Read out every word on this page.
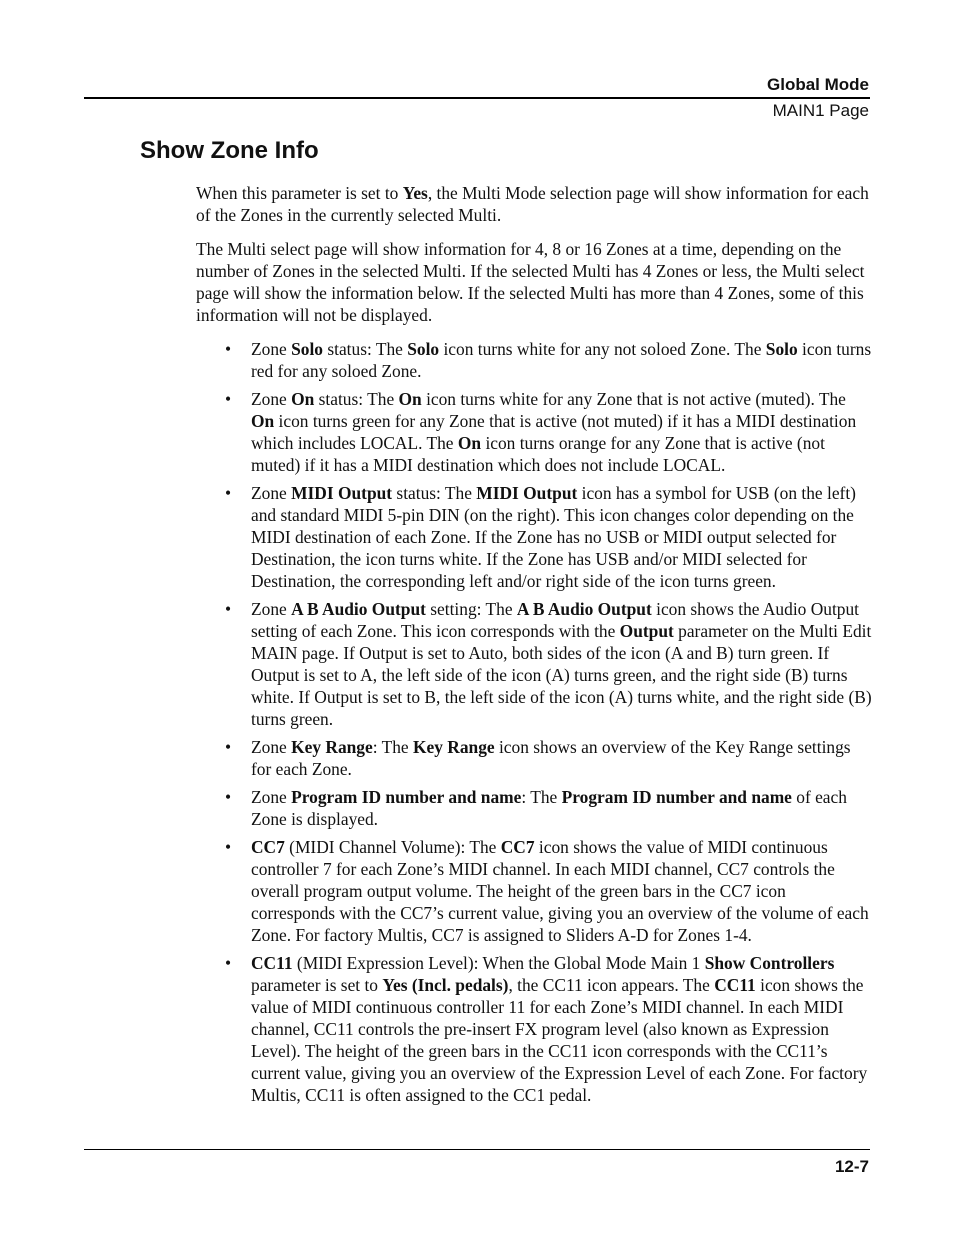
Global Mode
MAIN1 Page
Show Zone Info

When this parameter is set to Yes, the Multi Mode selection page will show information for each of the Zones in the currently selected Multi.

The Multi select page will show information for 4, 8 or 16 Zones at a time, depending on the number of Zones in the selected Multi. If the selected Multi has 4 Zones or less, the Multi select page will show the information below. If the selected Multi has more than 4 Zones, some of this information will not be displayed.

• Zone Solo status: The Solo icon turns white for any not soloed Zone. The Solo icon turns red for any soloed Zone.
• Zone On status: The On icon turns white for any Zone that is not active (muted). The On icon turns green for any Zone that is active (not muted) if it has a MIDI destination which includes LOCAL. The On icon turns orange for any Zone that is active (not muted) if it has a MIDI destination which does not include LOCAL.
• Zone MIDI Output status: The MIDI Output icon has a symbol for USB (on the left) and standard MIDI 5-pin DIN (on the right). This icon changes color depending on the MIDI destination of each Zone. If the Zone has no USB or MIDI output selected for Destination, the icon turns white. If the Zone has USB and/or MIDI selected for Destination, the corresponding left and/or right side of the icon turns green.
• Zone A B Audio Output setting: The A B Audio Output icon shows the Audio Output setting of each Zone. This icon corresponds with the Output parameter on the Multi Edit MAIN page. If Output is set to Auto, both sides of the icon (A and B) turn green. If Output is set to A, the left side of the icon (A) turns green, and the right side (B) turns white. If Output is set to B, the left side of the icon (A) turns white, and the right side (B) turns green.
• Zone Key Range: The Key Range icon shows an overview of the Key Range settings for each Zone.
• Zone Program ID number and name: The Program ID number and name of each Zone is displayed.
• CC7 (MIDI Channel Volume): The CC7 icon shows the value of MIDI continuous controller 7 for each Zone’s MIDI channel. In each MIDI channel, CC7 controls the overall program output volume. The height of the green bars in the CC7 icon corresponds with the CC7’s current value, giving you an overview of the volume of each Zone. For factory Multis, CC7 is assigned to Sliders A-D for Zones 1-4.
• CC11 (MIDI Expression Level): When the Global Mode Main 1 Show Controllers parameter is set to Yes (Incl. pedals), the CC11 icon appears. The CC11 icon shows the value of MIDI continuous controller 11 for each Zone’s MIDI channel. In each MIDI channel, CC11 controls the pre-insert FX program level (also known as Expression Level). The height of the green bars in the CC11 icon corresponds with the CC11’s current value, giving you an overview of the Expression Level of each Zone. For factory Multis, CC11 is often assigned to the CC1 pedal.
12-7
